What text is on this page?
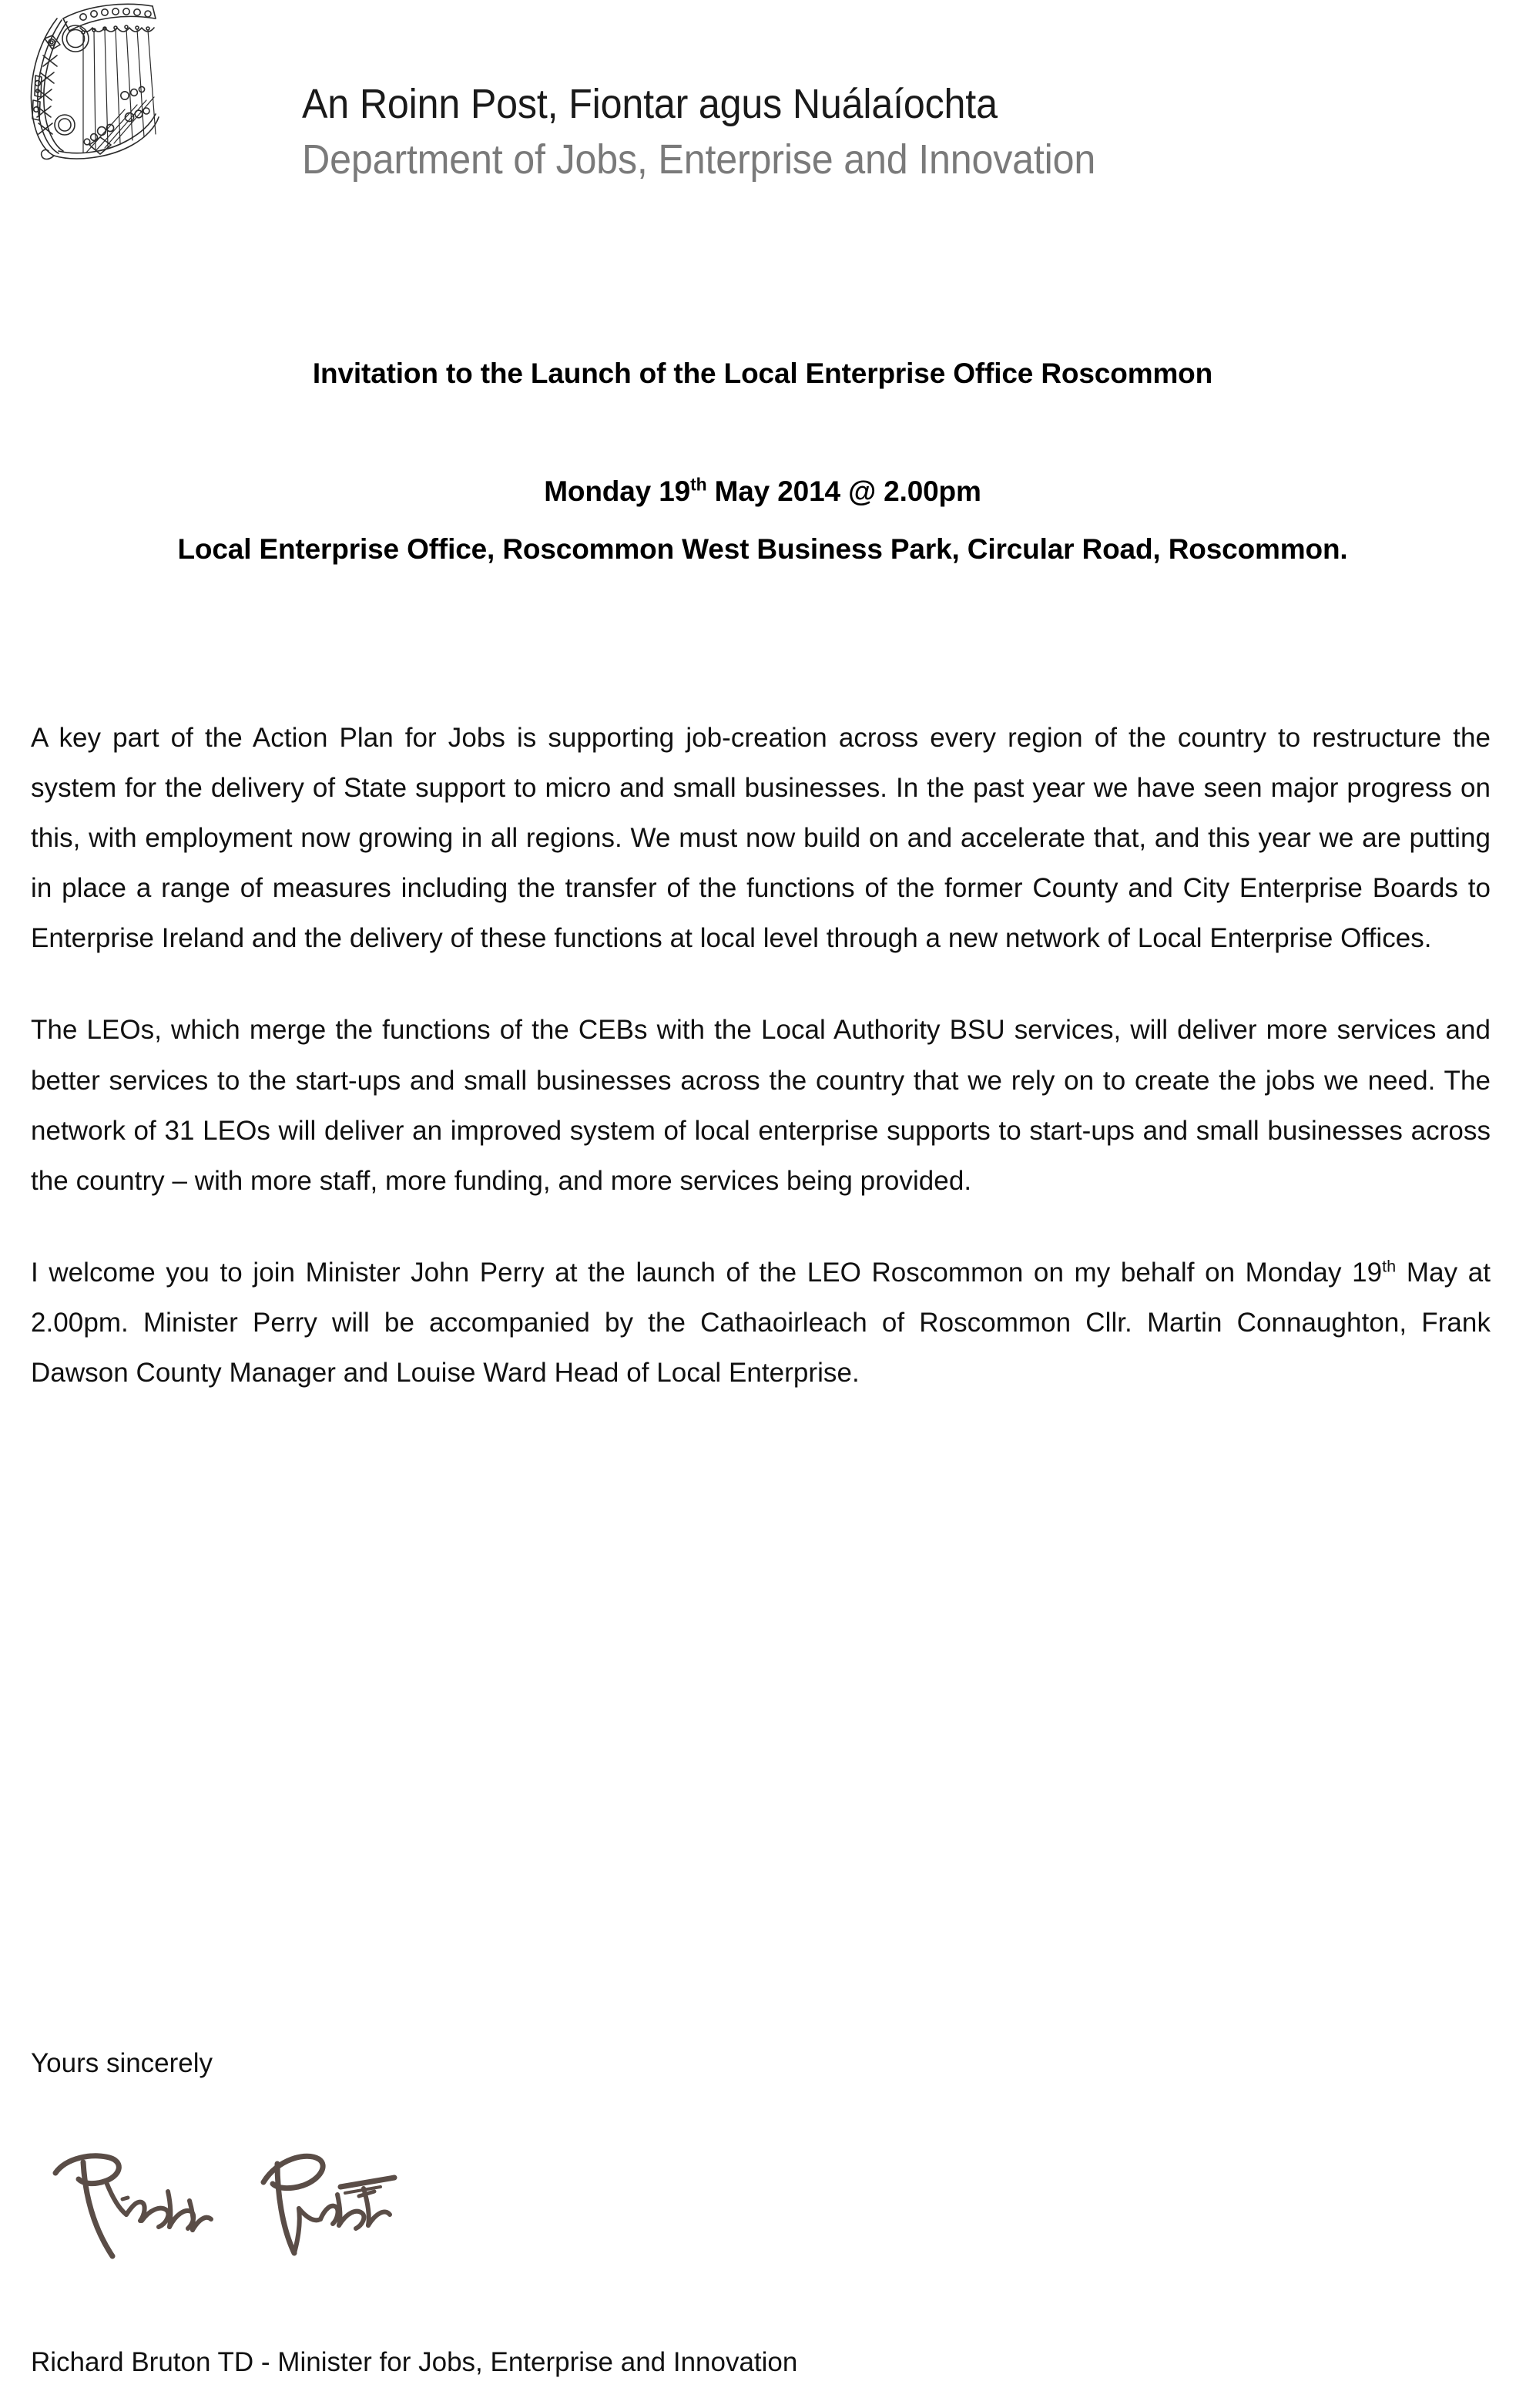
An Roinn Post, Fiontar agus Nuálaíochta
Department of Jobs, Enterprise and Innovation
Invitation to the Launch of the Local Enterprise Office Roscommon
Monday 19th May 2014 @ 2.00pm
Local Enterprise Office, Roscommon West Business Park, Circular Road, Roscommon.

A key part of the Action Plan for Jobs is supporting job-creation across every region of the country to restructure the system for the delivery of State support to micro and small businesses. In the past year we have seen major progress on this, with employment now growing in all regions. We must now build on and accelerate that, and this year we are putting in place a range of measures including the transfer of the functions of the former County and City Enterprise Boards to Enterprise Ireland and the delivery of these functions at local level through a new network of Local Enterprise Offices.

The LEOs, which merge the functions of the CEBs with the Local Authority BSU services, will deliver more services and better services to the start-ups and small businesses across the country that we rely on to create the jobs we need. The network of 31 LEOs will deliver an improved system of local enterprise supports to start-ups and small businesses across the country – with more staff, more funding, and more services being provided.

I welcome you to join Minister John Perry at the launch of the LEO Roscommon on my behalf on Monday 19th May at 2.00pm. Minister Perry will be accompanied by the Cathaoirleach of Roscommon Cllr. Martin Connaughton, Frank Dawson County Manager and Louise Ward Head of Local Enterprise.

Yours sincerely
Richard Bruton TD - Minister for Jobs, Enterprise and Innovation
